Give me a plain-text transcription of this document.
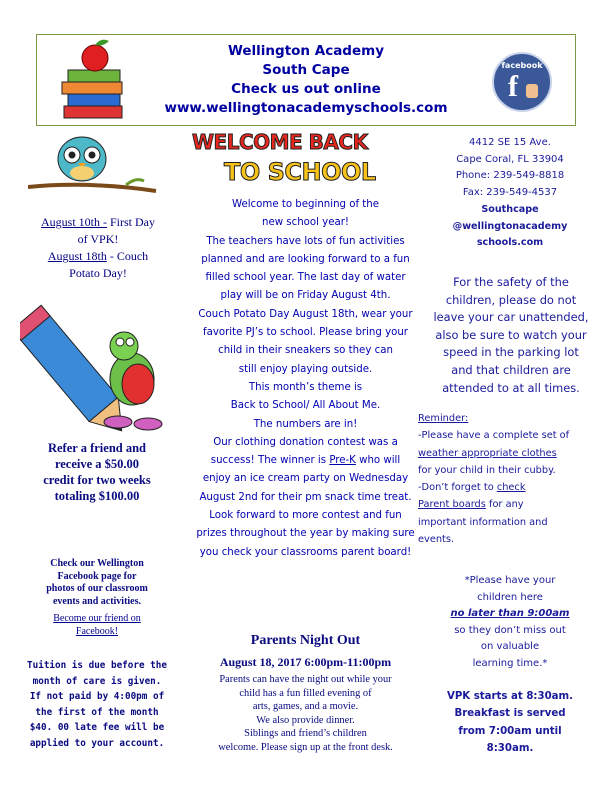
Wellington Academy
South Cape
Check us out online
www.wellingtonacademyschools.com
facebook
f
August 10th - First Day
of VPK!
August 18th - Couch
Potato Day!
Refer a friend and
receive a $50.00
credit for two weeks
totaling $100.00
Check our Wellington
Facebook page for
photos of our classroom
events and activities.
Become our friend on
Facebook!
Tuition is due before the
month of care is given.
If not paid by 4:00pm of
the first of the month
$40. 00 late fee will be
applied to your account.
WELCOME BACK
TO SCHOOL
Welcome to beginning of the
new school year!
The teachers have lots of fun activities
planned and are looking forward to a fun
filled school year. The last day of water
play will be on Friday August 4th.
Couch Potato Day August 18th, wear your
favorite PJ’s to school. Please bring your
child in their sneakers so they can
still enjoy playing outside.
This month’s theme is
Back to School/ All About Me.
The numbers are in!
Our clothing donation contest was a
success! The winner is Pre-K who will
enjoy an ice cream party on Wednesday
August 2nd for their pm snack time treat.
Look forward to more contest and fun
prizes throughout the year by making sure
you check your classrooms parent board!
Parents Night Out
August 18, 2017 6:00pm-11:00pm
Parents can have the night out while your
child has a fun filled evening of
arts, games, and a movie.
We also provide dinner.
Siblings and friend’s children
welcome. Please sign up at the front desk.
4412 SE 15 Ave.
Cape Coral, FL 33904
Phone: 239-549-8818
Fax: 239-549-4537
Southcape
@wellingtonacademy
schools.com
For the safety of the
children, please do not
leave your car unattended,
also be sure to watch your
speed in the parking lot
and that children are
attended to at all times.
Reminder:
-Please have a complete set of
weather appropriate clothes
for your child in their cubby.
-Don’t forget to check
Parent boards for any
important information and
events.
*Please have your
children here
no later than 9:00am
so they don’t miss out
on valuable
learning time.*
VPK starts at 8:30am.
Breakfast is served
from 7:00am until
8:30am.
